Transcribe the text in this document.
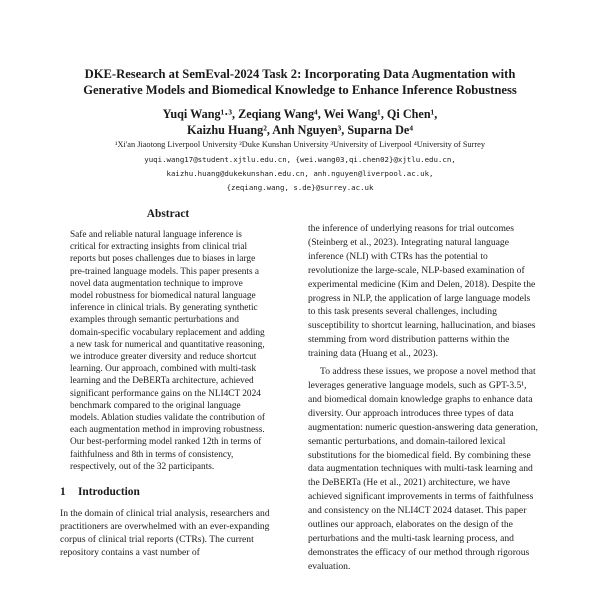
DKE-Research at SemEval-2024 Task 2: Incorporating Data Augmentation with Generative Models and Biomedical Knowledge to Enhance Inference Robustness
Yuqi Wang¹·³, Zeqiang Wang⁴, Wei Wang¹, Qi Chen¹,
Kaizhu Huang², Anh Nguyen³, Suparna De⁴
¹Xi'an Jiaotong Liverpool University ²Duke Kunshan University ³University of Liverpool ⁴University of Surrey
yuqi.wang17@student.xjtlu.edu.cn, {wei.wang03,qi.chen02}@xjtlu.edu.cn,
kaizhu.huang@dukekunshan.edu.cn, anh.nguyen@liverpool.ac.uk,
{zeqiang.wang, s.de}@surrey.ac.uk
Abstract

Safe and reliable natural language inference is critical for extracting insights from clinical trial reports but poses challenges due to biases in large pre-trained language models. This paper presents a novel data augmentation technique to improve model robustness for biomedical natural language inference in clinical trials. By generating synthetic examples through semantic perturbations and domain-specific vocabulary replacement and adding a new task for numerical and quantitative reasoning, we introduce greater diversity and reduce shortcut learning. Our approach, combined with multi-task learning and the DeBERTa architecture, achieved significant performance gains on the NLI4CT 2024 benchmark compared to the original language models. Ablation studies validate the contribution of each augmentation method in improving robustness. Our best-performing model ranked 12th in terms of faithfulness and 8th in terms of consistency, respectively, out of the 32 participants.

1 Introduction

In the domain of clinical trial analysis, researchers and practitioners are overwhelmed with an ever-expanding corpus of clinical trial reports (CTRs). The current repository contains a vast number of

the inference of underlying reasons for trial outcomes (Steinberg et al., 2023). Integrating natural language inference (NLI) with CTRs has the potential to revolutionize the large-scale, NLP-based examination of experimental medicine (Kim and Delen, 2018). Despite the progress in NLP, the application of large language models to this task presents several challenges, including susceptibility to shortcut learning, hallucination, and biases stemming from word distribution patterns within the training data (Huang et al., 2023).

To address these issues, we propose a novel method that leverages generative language models, such as GPT-3.5¹, and biomedical domain knowledge graphs to enhance data diversity. Our approach introduces three types of data augmentation: numeric question-answering data generation, semantic perturbations, and domain-tailored lexical substitutions for the biomedical field. By combining these data augmentation techniques with multi-task learning and the DeBERTa (He et al., 2021) architecture, we have achieved significant improvements in terms of faithfulness and consistency on the NLI4CT 2024 dataset. This paper outlines our approach, elaborates on the design of the perturbations and the multi-task learning process, and demonstrates the efficacy of our method through rigorous evaluation.
